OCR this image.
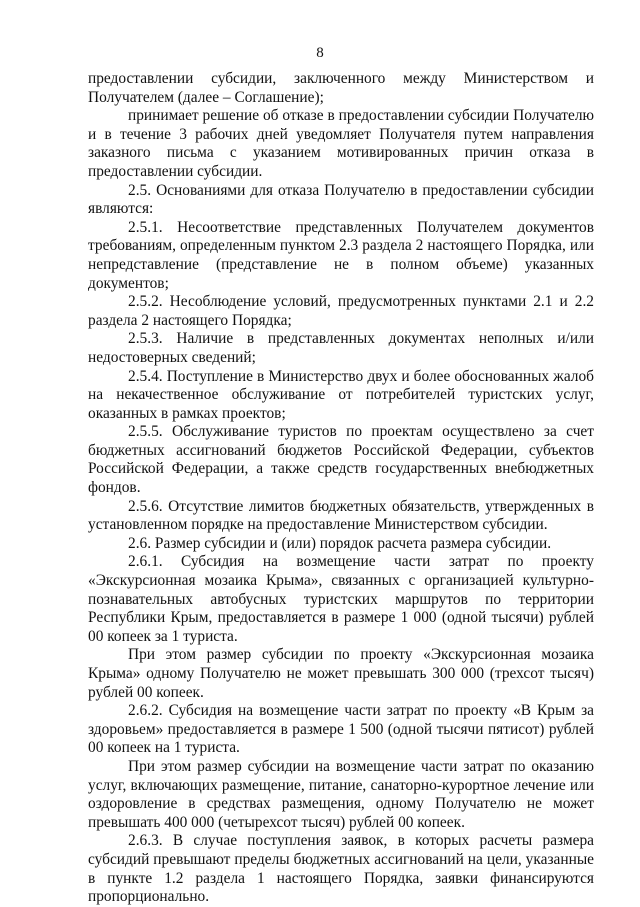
8

предоставлении субсидии, заключенного между Министерством и Получателем (далее – Соглашение);

принимает решение об отказе в предоставлении субсидии Получателю и в течение 3 рабочих дней уведомляет Получателя путем направления заказного письма с указанием мотивированных причин отказа в предоставлении субсидии.

2.5. Основаниями для отказа Получателю в предоставлении субсидии являются:

2.5.1. Несоответствие представленных Получателем документов требованиям, определенным пунктом 2.3 раздела 2 настоящего Порядка, или непредставление (представление не в полном объеме) указанных документов;

2.5.2. Несоблюдение условий, предусмотренных пунктами 2.1 и 2.2 раздела 2 настоящего Порядка;

2.5.3. Наличие в представленных документах неполных и/или недостоверных сведений;

2.5.4. Поступление в Министерство двух и более обоснованных жалоб на некачественное обслуживание от потребителей туристских услуг, оказанных в рамках проектов;

2.5.5. Обслуживание туристов по проектам осуществлено за счет бюджетных ассигнований бюджетов Российской Федерации, субъектов Российской Федерации, а также средств государственных внебюджетных фондов.

2.5.6. Отсутствие лимитов бюджетных обязательств, утвержденных в установленном порядке на предоставление Министерством субсидии.

2.6. Размер субсидии и (или) порядок расчета размера субсидии.

2.6.1. Субсидия на возмещение части затрат по проекту «Экскурсионная мозаика Крыма», связанных с организацией культурно-познавательных автобусных туристских маршрутов по территории Республики Крым, предоставляется в размере 1 000 (одной тысячи) рублей 00 копеек за 1 туриста.

При этом размер субсидии по проекту «Экскурсионная мозаика Крыма» одному Получателю не может превышать 300 000 (трехсот тысяч) рублей 00 копеек.

2.6.2. Субсидия на возмещение части затрат по проекту «В Крым за здоровьем» предоставляется в размере 1 500 (одной тысячи пятисот) рублей 00 копеек на 1 туриста.

При этом размер субсидии на возмещение части затрат по оказанию услуг, включающих размещение, питание, санаторно-курортное лечение или оздоровление в средствах размещения, одному Получателю не может превышать 400 000 (четырехсот тысяч) рублей 00 копеек.

2.6.3. В случае поступления заявок, в которых расчеты размера субсидий превышают пределы бюджетных ассигнований на цели, указанные в пункте 1.2 раздела 1 настоящего Порядка, заявки финансируются пропорционально.
